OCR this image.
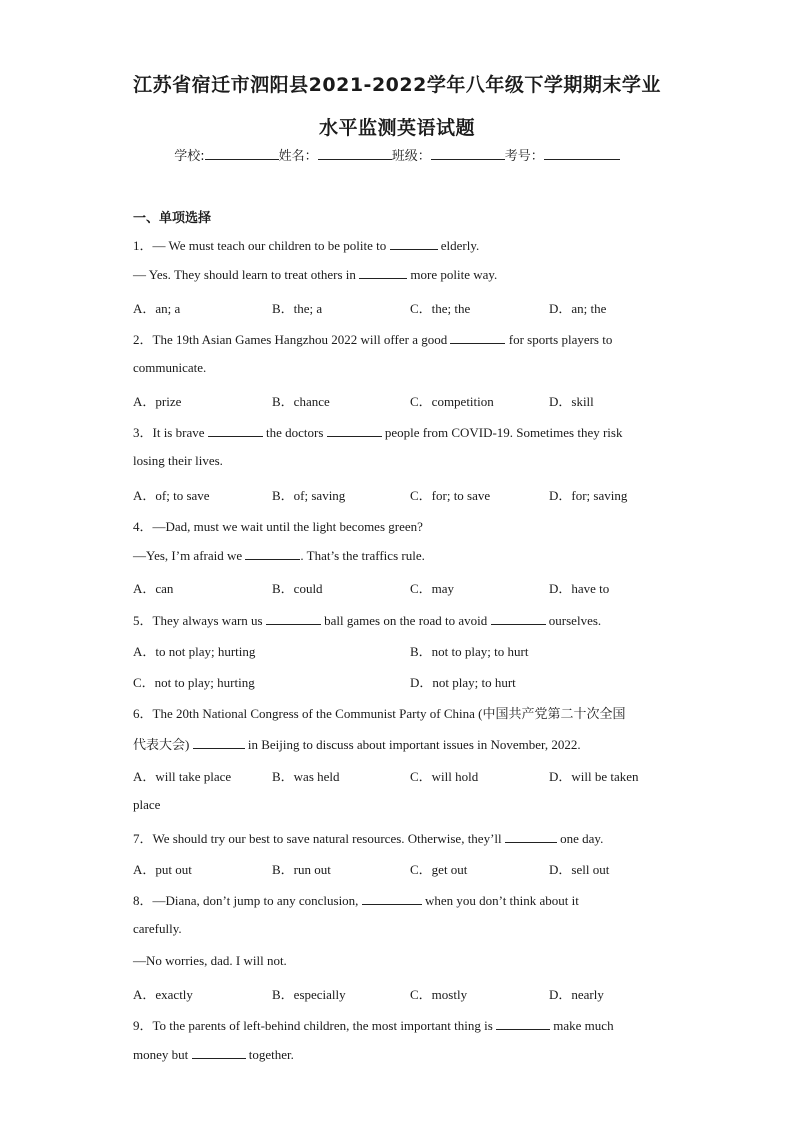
江苏省宿迁市泗阳县2021-2022学年八年级下学期期末学业
水平监测英语试题
学校:	姓名：	班级：	考号：
一、单项选择
1．— We must teach our children to be polite to	elderly.
— Yes. They should learn to treat others in	more polite way.
A．an; a	B．the; a	C．the; the	D．an; the
2．The 19th Asian Games Hangzhou 2022 will offer a good	for sports players to
communicate.
A．prize	B．chance	C．competition	D．skill
3．It is brave	the doctors	people from COVID-19. Sometimes they risk
losing their lives.
A．of; to save	B．of; saving	C．for; to save	D．for; saving
4．—Dad, must we wait until the light becomes green?
—Yes, I’m afraid we	. That’s the traffics rule.
A．can	B．could	C．may	D．have to
5．They always warn us	ball games on the road to avoid	ourselves.
A．to not play; hurting	B．not to play; to hurt
C．not to play; hurting	D．not play; to hurt
6．The 20th National Congress of the Communist Party of China (中国共产党第二十次全国
代表大会)	in Beijing to discuss about important issues in November, 2022.
A．will take place	B．was held	C．will hold	D．will be taken
place
7．We should try our best to save natural resources. Otherwise, they’ll	one day.
A．put out	B．run out	C．get out	D．sell out
8．—Diana, don’t jump to any conclusion,	when you don’t think about it
carefully.
—No worries, dad. I will not.
A．exactly	B．especially	C．mostly	D．nearly
9．To the parents of left-behind children, the most important thing is	make much
money but	together.
